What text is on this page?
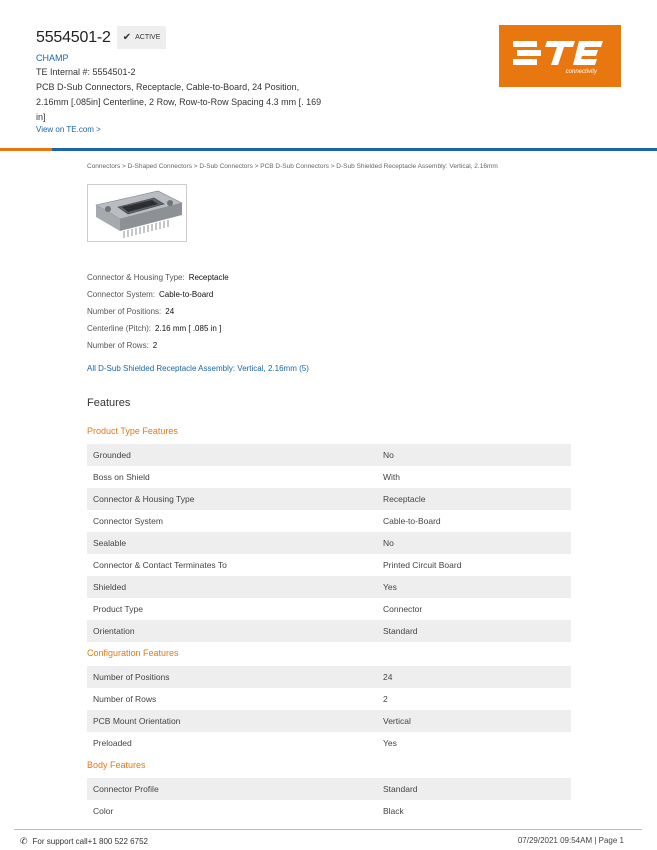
5554501-2 ✔ ACTIVE
CHAMP
TE Internal #: 5554501-2
PCB D-Sub Connectors, Receptacle, Cable-to-Board, 24 Position, 2.16mm [.085in] Centerline, 2 Row, Row-to-Row Spacing 4.3 mm [. 169 in]
View on TE.com >
connectivity
Connectors > D-Shaped Connectors > D-Sub Connectors > PCB D-Sub Connectors > D-Sub Shielded Receptacle Assembly: Vertical, 2.16mm
Connector & Housing Type: Receptacle
Connector System: Cable-to-Board
Number of Positions: 24
Centerline (Pitch): 2.16 mm [ .085 in ]
Number of Rows: 2
All D-Sub Shielded Receptacle Assembly: Vertical, 2.16mm (5)
Features
Product Type Features
Grounded	No
Boss on Shield	With
Connector & Housing Type	Receptacle
Connector System	Cable-to-Board
Sealable	No
Connector & Contact Terminates To	Printed Circuit Board
Shielded	Yes
Product Type	Connector
Orientation	Standard
Configuration Features
Number of Positions	24
Number of Rows	2
PCB Mount Orientation	Vertical
Preloaded	Yes
Body Features
Connector Profile	Standard
Color	Black
✆ For support call+1 800 522 6752	07/29/2021 09:54AM | Page 1
